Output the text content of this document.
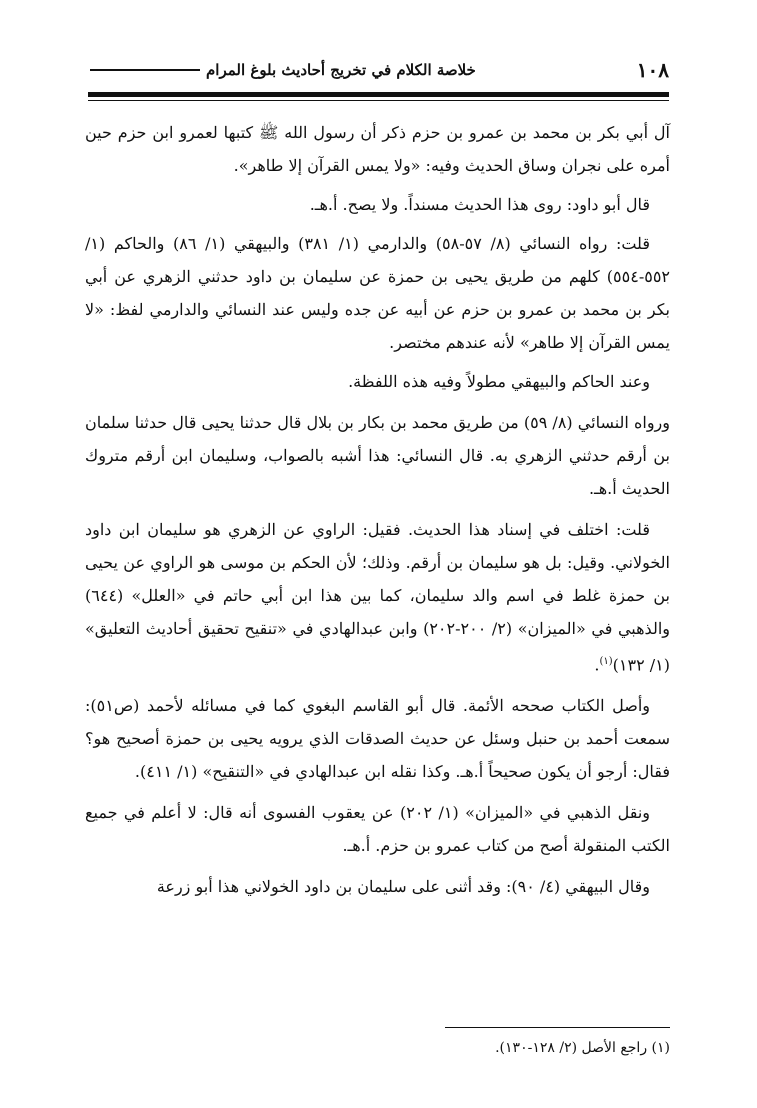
١٠٨
خلاصة الكلام في تخريج أحاديث بلوغ المرام

آل أبي بكر بن محمد بن عمرو بن حزم ذكر أن رسول الله ﷺ كتبها لعمرو ابن حزم حين أمره على نجران وساق الحديث وفيه: «ولا يمس القرآن إلا طاهر».

قال أبو داود: روى هذا الحديث مسنداً. ولا يصح. أ.هـ.

قلت: رواه النسائي (٨/ ٥٧-٥٨) والدارمي (١/ ٣٨١) والبيهقي (١/ ٨٦) والحاكم (١/ ٥٥٢-٥٥٤) كلهم من طريق يحيى بن حمزة عن سليمان بن داود حدثني الزهري عن أبي بكر بن محمد بن عمرو بن حزم عن أبيه عن جده وليس عند النسائي والدارمي لفظ: «لا يمس القرآن إلا طاهر» لأنه عندهم مختصر.

وعند الحاكم والبيهقي مطولاً وفيه هذه اللفظة.

ورواه النسائي (٨/ ٥٩) من طريق محمد بن بكار بن بلال قال حدثنا يحيى قال حدثنا سلمان بن أرقم حدثني الزهري به. قال النسائي: هذا أشبه بالصواب، وسليمان ابن أرقم متروك الحديث أ.هـ.

قلت: اختلف في إسناد هذا الحديث. فقيل: الراوي عن الزهري هو سليمان ابن داود الخولاني. وقيل: بل هو سليمان بن أرقم. وذلك؛ لأن الحكم بن موسى هو الراوي عن يحيى بن حمزة غلط في اسم والد سليمان، كما بين هذا ابن أبي حاتم في «العلل» (٦٤٤) والذهبي في «الميزان» (٢/ ٢٠٠-٢٠٢) وابن عبدالهادي في «تنقيح تحقيق أحاديث التعليق» (١/ ١٣٢)$^{(١)}$.

وأصل الكتاب صححه الأئمة. قال أبو القاسم البغوي كما في مسائله لأحمد (ص٥١): سمعت أحمد بن حنبل وسئل عن حديث الصدقات الذي يرويه يحيى بن حمزة أصحيح هو؟ فقال: أرجو أن يكون صحيحاً أ.هـ. وكذا نقله ابن عبدالهادي في «التنقيح» (١/ ٤١١).

ونقل الذهبي في «الميزان» (١/ ٢٠٢) عن يعقوب الفسوى أنه قال: لا أعلم في جميع الكتب المنقولة أصح من كتاب عمرو بن حزم. أ.هـ.

وقال البيهقي (٤/ ٩٠): وقد أثنى على سليمان بن داود الخولاني هذا أبو زرعة

(١) راجع الأصل (٢/ ١٢٨-١٣٠).
